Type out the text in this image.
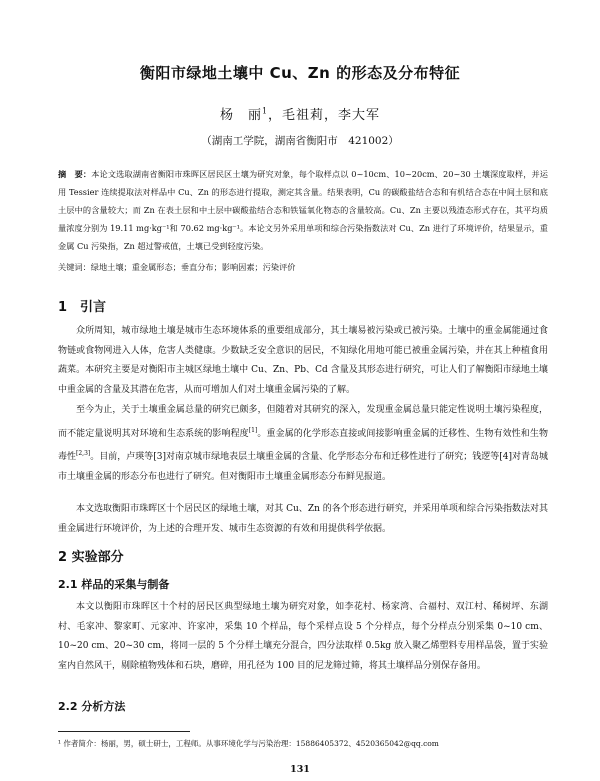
衡阳市绿地土壤中 Cu、Zn 的形态及分布特征
杨　丽$^1$，毛祖莉，李大军
（湖南工学院，湖南省衡阳市　421002）
摘　要：本论文选取湖南省衡阳市珠晖区居民区土壤为研究对象，每个取样点以 0~10cm、10~20cm、20~30 土壤深度取样，并运用 Tessier 连续提取法对样品中 Cu、Zn 的形态进行提取，测定其含量。结果表明，Cu 的碳酸盐结合态和有机结合态在中间土层和底土层中的含量较大；而 Zn 在表土层和中土层中碳酸盐结合态和铁锰氧化物态的含量较高。Cu、Zn 主要以残渣态形式存在，其平均质量浓度分别为 19.11 mg·kg⁻¹和 70.62 mg·kg⁻¹。本论文另外采用单项和综合污染指数法对 Cu、Zn 进行了环境评价，结果显示，重金属 Cu 污染指，Zn 超过警戒值，土壤已受到轻度污染。
关键词：绿地土壤；重金属形态；垂直分布；影响因素；污染评价
1　引言
众所周知，城市绿地土壤是城市生态环境体系的重要组成部分，其土壤易被污染或已被污染。土壤中的重金属能通过食物链或食物网进入人体，危害人类健康。少数缺乏安全意识的居民，不知绿化用地可能已被重金属污染，并在其上种植食用蔬菜。本研究主要是对衡阳市主城区绿地土壤中 Cu、Zn、Pb、Cd 含量及其形态进行研究，可让人们了解衡阳市绿地土壤中重金属的含量及其潜在危害，从而可增加人们对土壤重金属污染的了解。
至今为止，关于土壤重金属总量的研究已颇多，但随着对其研究的深入，发现重金属总量只能定性说明土壤污染程度，而不能定量说明其对环境和生态系统的影响程度[1]。重金属的化学形态直接或间接影响重金属的迁移性、生物有效性和生物毒性[2,3]。目前，卢瑛等[3]对南京城市绿地表层土壤重金属的含量、化学形态分布和迁移性进行了研究；钱逻等[4]对青岛城市土壤重金属的形态分布也进行了研究。但对衡阳市土壤重金属形态分布鲜见报道。
本文选取衡阳市珠晖区十个居民区的绿地土壤，对其 Cu、Zn 的各个形态进行研究，并采用单项和综合污染指数法对其重金属进行环境评价，为上述的合理开发、城市生态资源的有效和用提供科学依据。
2 实验部分
2.1 样品的采集与制备
本文以衡阳市珠晖区十个村的居民区典型绿地土壤为研究对象，如李花村、杨家湾、合福村、双江村、稀树坪、东湖村、毛家冲、黎家町、元家冲、许家冲，采集 10 个样品，每个采样点设 5 个分样点，每个分样点分别采集 0~10 cm、10~20 cm、20~30 cm，将同一层的 5 个分样土壤充分混合，四分法取样 0.5kg 放入聚乙烯塑料专用样品袋，置于实验室内自然风干，剔除植物残体和石块，磨碎，用孔径为 100 目的尼龙筛过筛，将其土壤样品分别保存备用。
2.2 分析方法
¹ 作者简介：杨丽，男，硕士研士，工程师。从事环境化学与污染治理：15886405372、4520365042@qq.com
131
